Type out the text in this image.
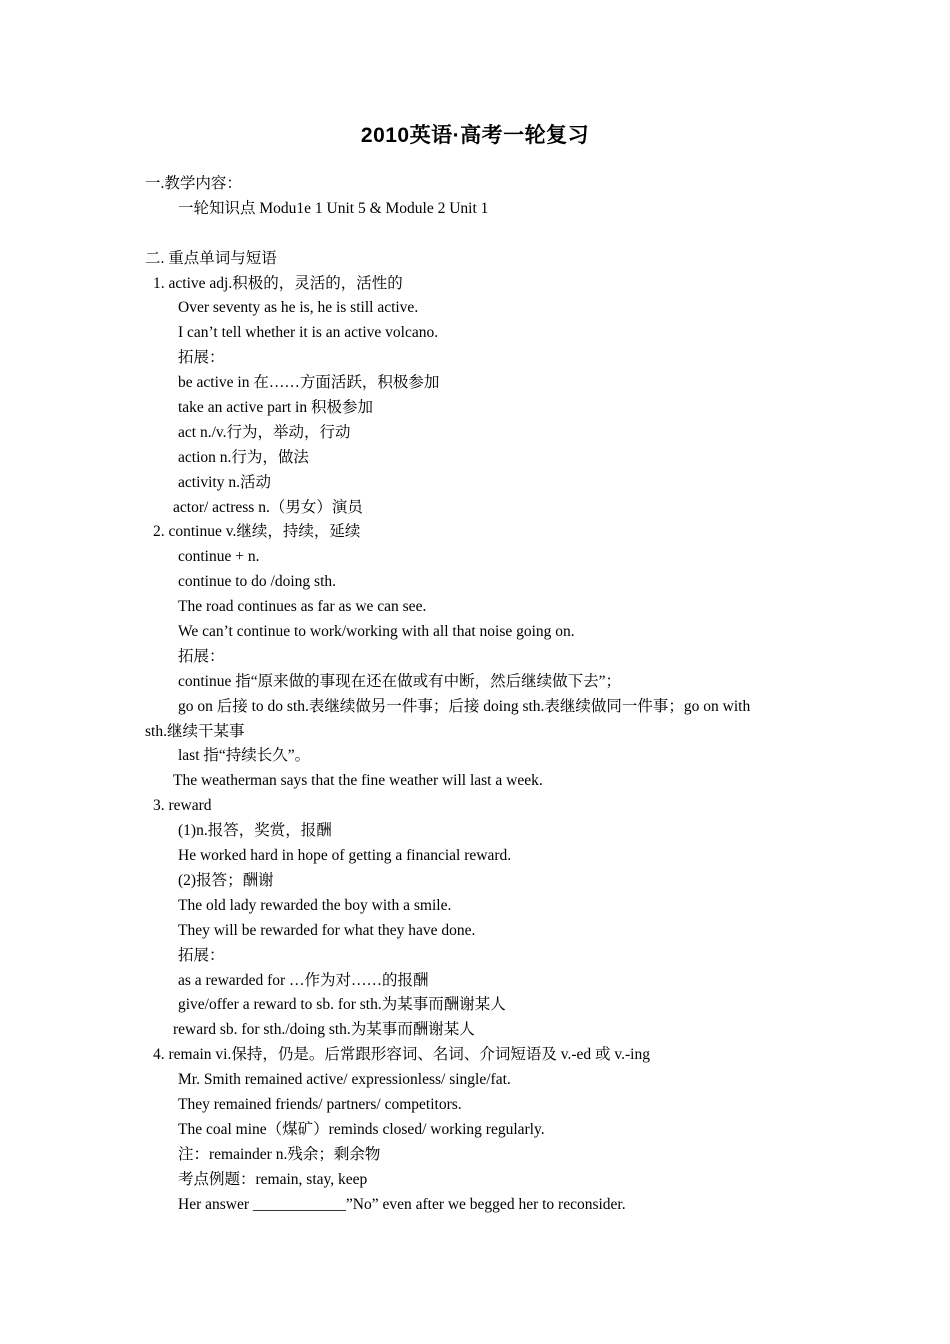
2010英语·高考一轮复习
一.教学内容：
一轮知识点 Modu1e 1 Unit 5 & Module 2 Unit 1
二. 重点单词与短语
1. active adj.积极的，灵活的，活性的
Over seventy as he is, he is still active.
I can’t tell whether it is an active volcano.
拓展：
be active in 在……方面活跃，积极参加
take an active part in 积极参加
act n./v.行为，举动，行动
action n.行为，做法
activity n.活动
actor/ actress n.（男女）演员
2. continue v.继续，持续，延续
continue + n.
continue to do /doing sth.
The road continues as far as we can see.
We can’t continue to work/working with all that noise going on.
拓展：
continue 指“原来做的事现在还在做或有中断，然后继续做下去”；
go on 后接 to do sth.表继续做另一件事；后接 doing sth.表继续做同一件事；go on with
sth.继续干某事
last 指“持续长久”。
The weatherman says that the fine weather will last a week.
3. reward
(1)n.报答，奖赏，报酬
He worked hard in hope of getting a financial reward.
(2)报答；酬谢
The old lady rewarded the boy with a smile.
They will be rewarded for what they have done.
拓展：
as a rewarded for …作为对……的报酬
give/offer a reward to sb. for sth.为某事而酬谢某人
reward sb. for sth./doing sth.为某事而酬谢某人
4. remain vi.保持，仍是。后常跟形容词、名词、介词短语及 v.-ed 或 v.-ing
Mr. Smith remained active/ expressionless/ single/fat.
They remained friends/ partners/ competitors.
The coal mine（煤矿）reminds closed/ working regularly.
注：remainder n.残余；剩余物
考点例题：remain, stay, keep
Her answer ____________”No” even after we begged her to reconsider.
